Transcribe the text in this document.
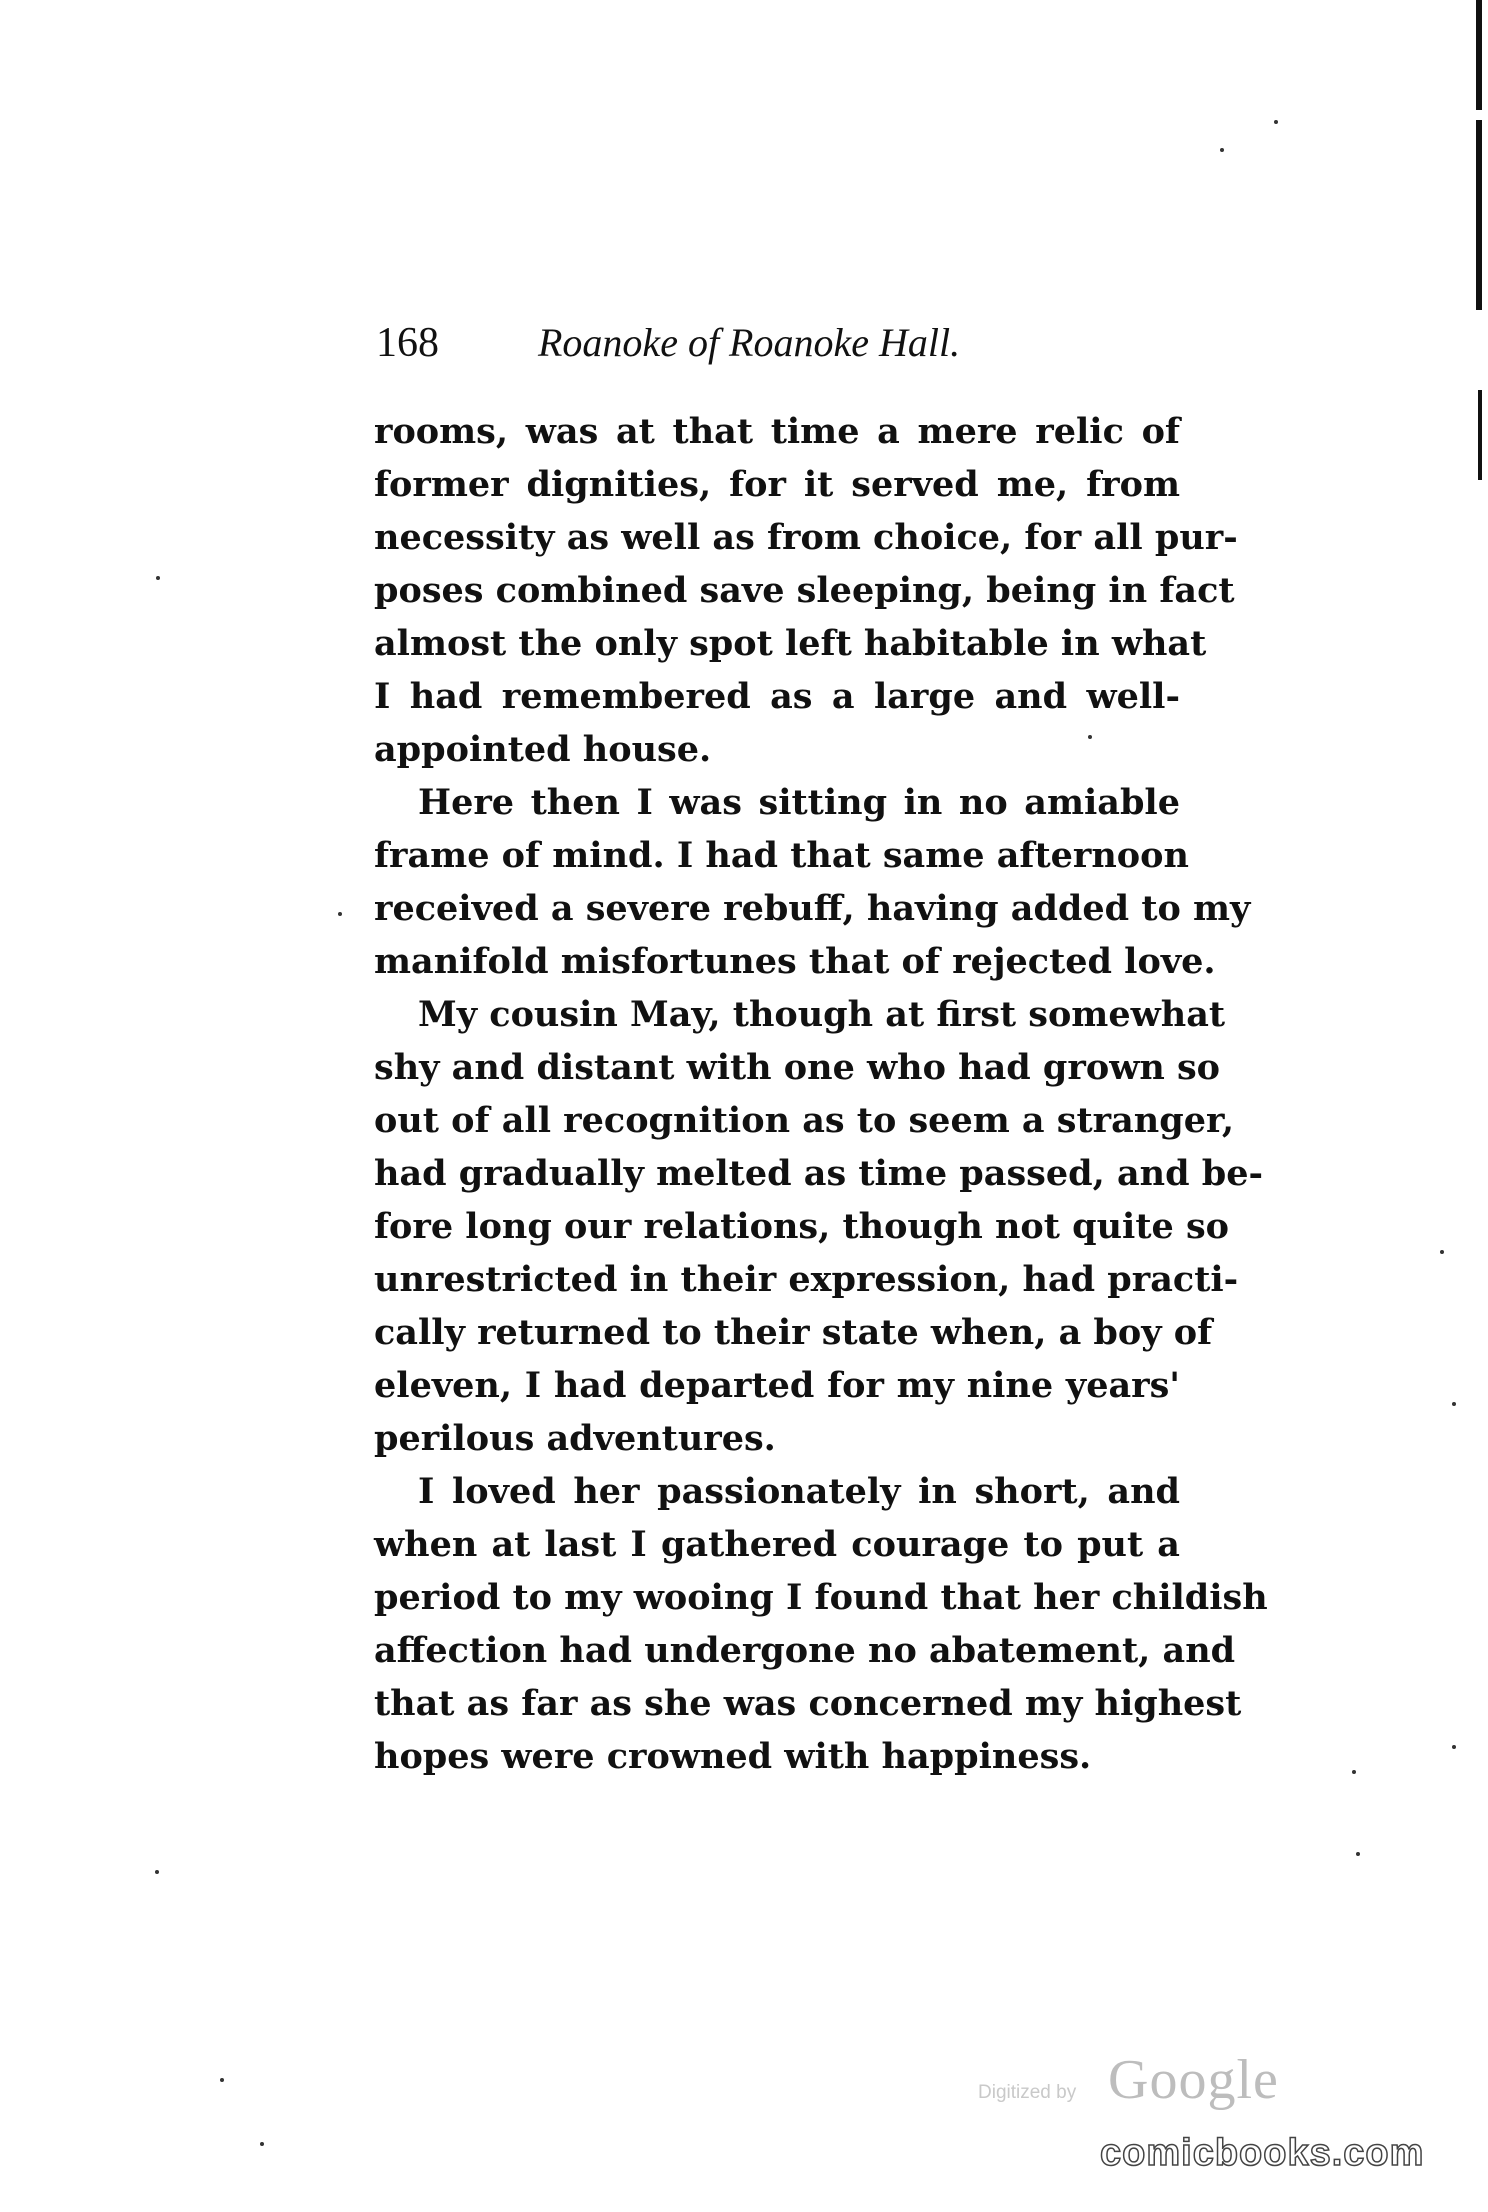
168 Roanoke of Roanoke Hall.
rooms, was at that time a mere relic of
former dignities, for it served me, from
necessity as well as from choice, for all pur-
poses combined save sleeping, being in fact
almost the only spot left habitable in what
I had remembered as a large and well-
appointed house.
Here then I was sitting in no amiable
frame of mind. I had that same afternoon
received a severe rebuff, having added to my
manifold misfortunes that of rejected love.
My cousin May, though at first somewhat
shy and distant with one who had grown so
out of all recognition as to seem a stranger,
had gradually melted as time passed, and be-
fore long our relations, though not quite so
unrestricted in their expression, had practi-
cally returned to their state when, a boy of
eleven, I had departed for my nine years'
perilous adventures.
I loved her passionately in short, and
when at last I gathered courage to put a
period to my wooing I found that her childish
affection had undergone no abatement, and
that as far as she was concerned my highest
hopes were crowned with happiness.
Digitized by Google
comicbooks.com
